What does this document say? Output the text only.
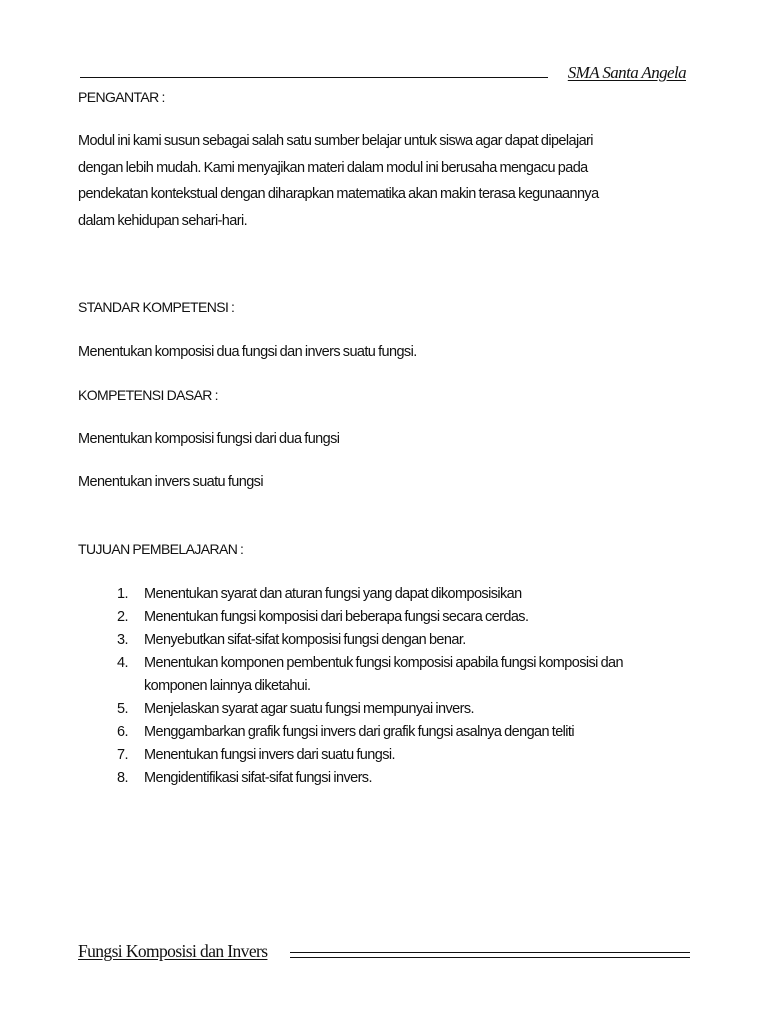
SMA Santa Angela

PENGANTAR :

Modul ini kami susun sebagai salah satu sumber belajar untuk siswa agar dapat dipelajari
dengan lebih mudah. Kami menyajikan materi dalam modul ini berusaha mengacu pada
pendekatan kontekstual dengan diharapkan matematika akan makin terasa kegunaannya
dalam kehidupan sehari-hari.

STANDAR KOMPETENSI :

Menentukan komposisi dua fungsi dan invers suatu fungsi.

KOMPETENSI DASAR :

Menentukan komposisi fungsi dari dua fungsi

Menentukan invers suatu fungsi

TUJUAN PEMBELAJARAN :

1. Menentukan syarat dan aturan fungsi yang dapat dikomposisikan
2. Menentukan fungsi komposisi dari beberapa fungsi secara cerdas.
3. Menyebutkan sifat-sifat komposisi fungsi dengan benar.
4. Menentukan komponen pembentuk fungsi komposisi apabila fungsi komposisi dan
komponen lainnya diketahui.
5. Menjelaskan syarat agar suatu fungsi mempunyai invers.
6. Menggambarkan grafik fungsi invers dari grafik fungsi asalnya dengan teliti
7. Menentukan fungsi invers dari suatu fungsi.
8. Mengidentifikasi sifat-sifat fungsi invers.
Fungsi Komposisi dan Invers
